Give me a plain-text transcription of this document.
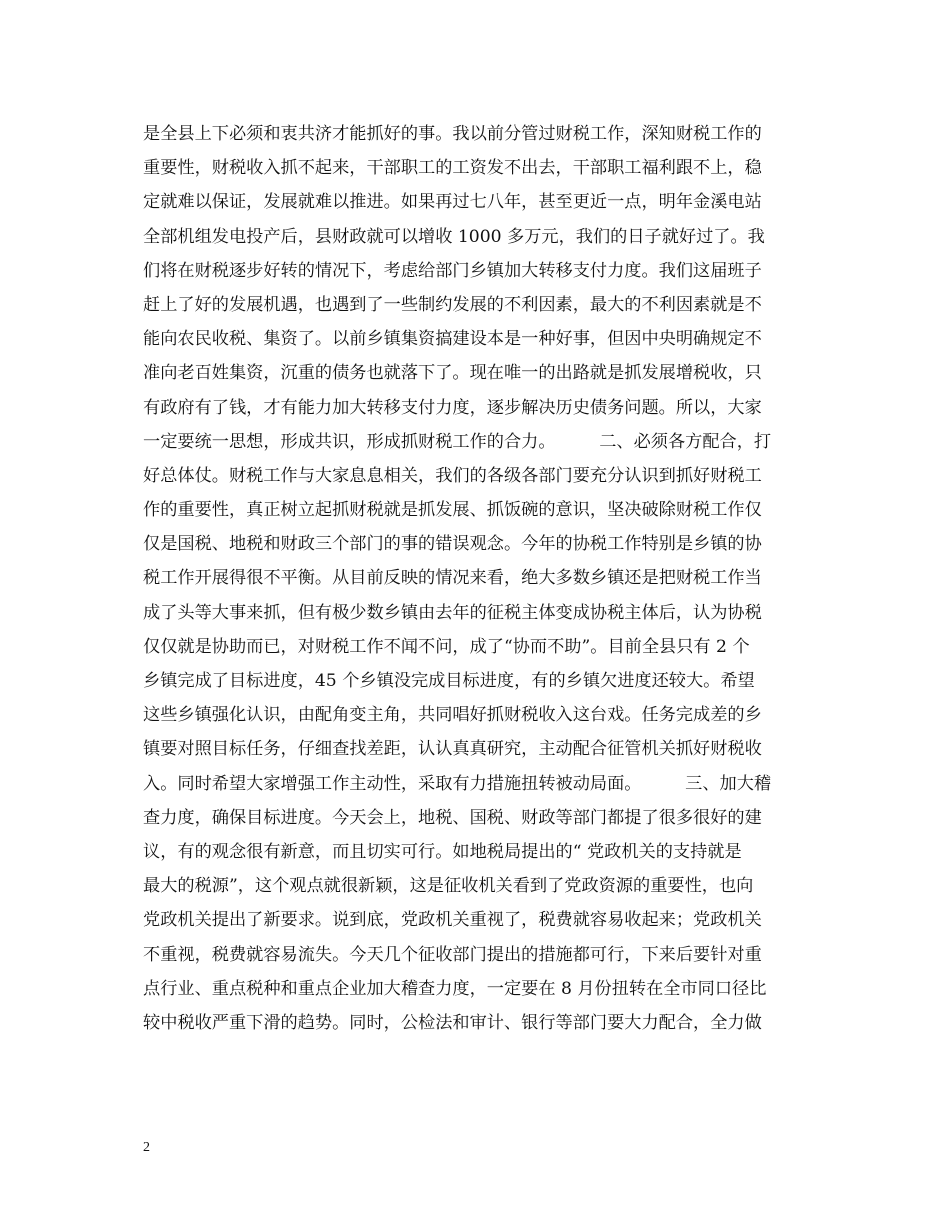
是全县上下必须和衷共济才能抓好的事。我以前分管过财税工作，深知财税工作的
重要性，财税收入抓不起来，干部职工的工资发不出去，干部职工福利跟不上，稳
定就难以保证，发展就难以推进。如果再过七八年，甚至更近一点，明年金溪电站
全部机组发电投产后，县财政就可以增收 1000 多万元，我们的日子就好过了。我
们将在财税逐步好转的情况下，考虑给部门乡镇加大转移支付力度。我们这届班子
赶上了好的发展机遇，也遇到了一些制约发展的不利因素，最大的不利因素就是不
能向农民收税、集资了。以前乡镇集资搞建设本是一种好事，但因中央明确规定不
准向老百姓集资，沉重的债务也就落下了。现在唯一的出路就是抓发展增税收，只
有政府有了钱，才有能力加大转移支付力度，逐步解决历史债务问题。所以，大家
一定要统一思想，形成共识，形成抓财税工作的合力。        二、必须各方配合，打
好总体仗。财税工作与大家息息相关，我们的各级各部门要充分认识到抓好财税工
作的重要性，真正树立起抓财税就是抓发展、抓饭碗的意识，坚决破除财税工作仅
仅是国税、地税和财政三个部门的事的错误观念。今年的协税工作特别是乡镇的协
税工作开展得很不平衡。从目前反映的情况来看，绝大多数乡镇还是把财税工作当
成了头等大事来抓，但有极少数乡镇由去年的征税主体变成协税主体后，认为协税
仅仅就是协助而已，对财税工作不闻不问，成了“协而不助”。目前全县只有 2 个
乡镇完成了目标进度，45 个乡镇没完成目标进度，有的乡镇欠进度还较大。希望
这些乡镇强化认识，由配角变主角，共同唱好抓财税收入这台戏。任务完成差的乡
镇要对照目标任务，仔细查找差距，认认真真研究，主动配合征管机关抓好财税收
入。同时希望大家增强工作主动性，采取有力措施扭转被动局面。        三、加大稽
查力度，确保目标进度。今天会上，地税、国税、财政等部门都提了很多很好的建
议，有的观念很有新意，而且切实可行。如地税局提出的“ 党政机关的支持就是
最大的税源”，这个观点就很新颖，这是征收机关看到了党政资源的重要性，也向
党政机关提出了新要求。说到底，党政机关重视了，税费就容易收起来；党政机关
不重视，税费就容易流失。今天几个征收部门提出的措施都可行，下来后要针对重
点行业、重点税种和重点企业加大稽查力度，一定要在 8 月份扭转在全市同口径比
较中税收严重下滑的趋势。同时，公检法和审计、银行等部门要大力配合，全力做
2
